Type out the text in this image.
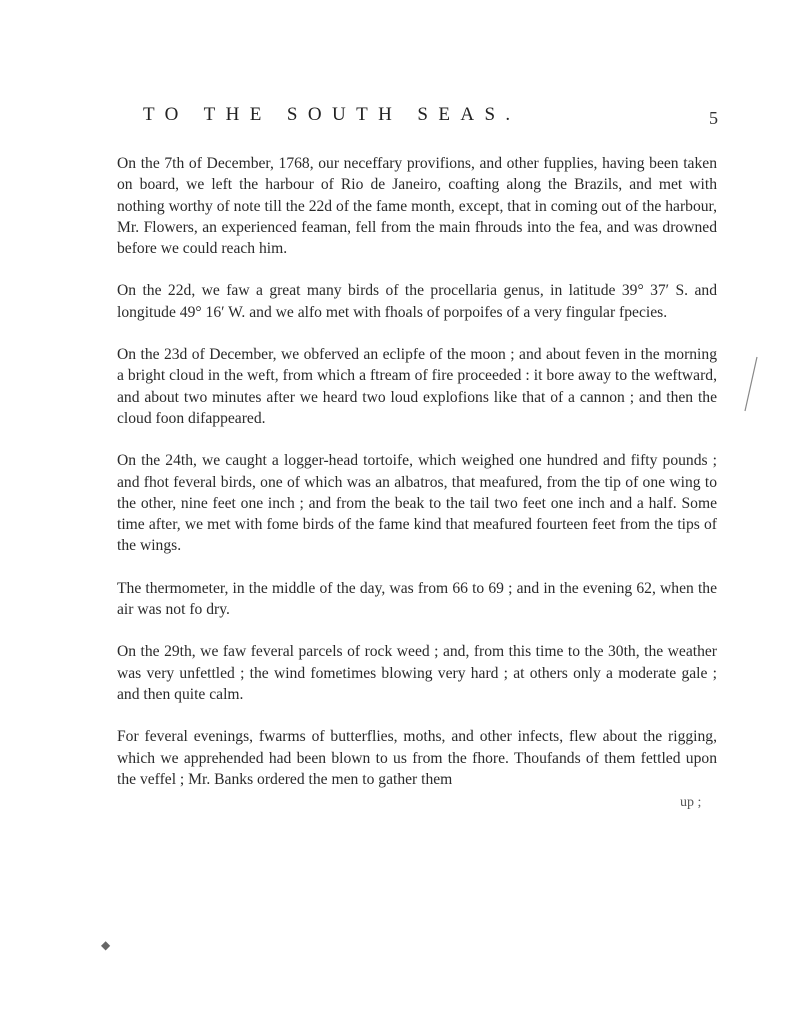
TO THE SOUTH SEAS.	5

On the 7th of December, 1768, our neceffary provifions, and other fupplies, having been taken on board, we left the harbour of Rio de Janeiro, coafting along the Brazils, and met with nothing worthy of note till the 22d of the fame month, except, that in coming out of the harbour, Mr. Flowers, an experienced feaman, fell from the main fhrouds into the fea, and was drowned before we could reach him.

On the 22d, we faw a great many birds of the procellaria genus, in latitude 39° 37′ S. and longitude 49° 16′ W. and we alfo met with fhoals of porpoifes of a very fingular fpecies.

On the 23d of December, we obferved an eclipfe of the moon ; and about feven in the morning a bright cloud in the weft, from which a ftream of fire proceeded : it bore away to the weftward, and about two minutes after we heard two loud explofions like that of a cannon ; and then the cloud foon difappeared.

On the 24th, we caught a logger-head tortoife, which weighed one hundred and fifty pounds ; and fhot feveral birds, one of which was an albatros, that meafured, from the tip of one wing to the other, nine feet one inch ; and from the beak to the tail two feet one inch and a half. Some time after, we met with fome birds of the fame kind that meafured fourteen feet from the tips of the wings.

The thermometer, in the middle of the day, was from 66 to 69 ; and in the evening 62, when the air was not fo dry.

On the 29th, we faw feveral parcels of rock weed ; and, from this time to the 30th, the weather was very unfettled ; the wind fometimes blowing very hard ; at others only a moderate gale ; and then quite calm.

For feveral evenings, fwarms of butterflies, moths, and other infects, flew about the rigging, which we apprehended had been blown to us from the fhore. Thoufands of them fettled upon the veffel ; Mr. Banks ordered the men to gather them

up ;
◆
